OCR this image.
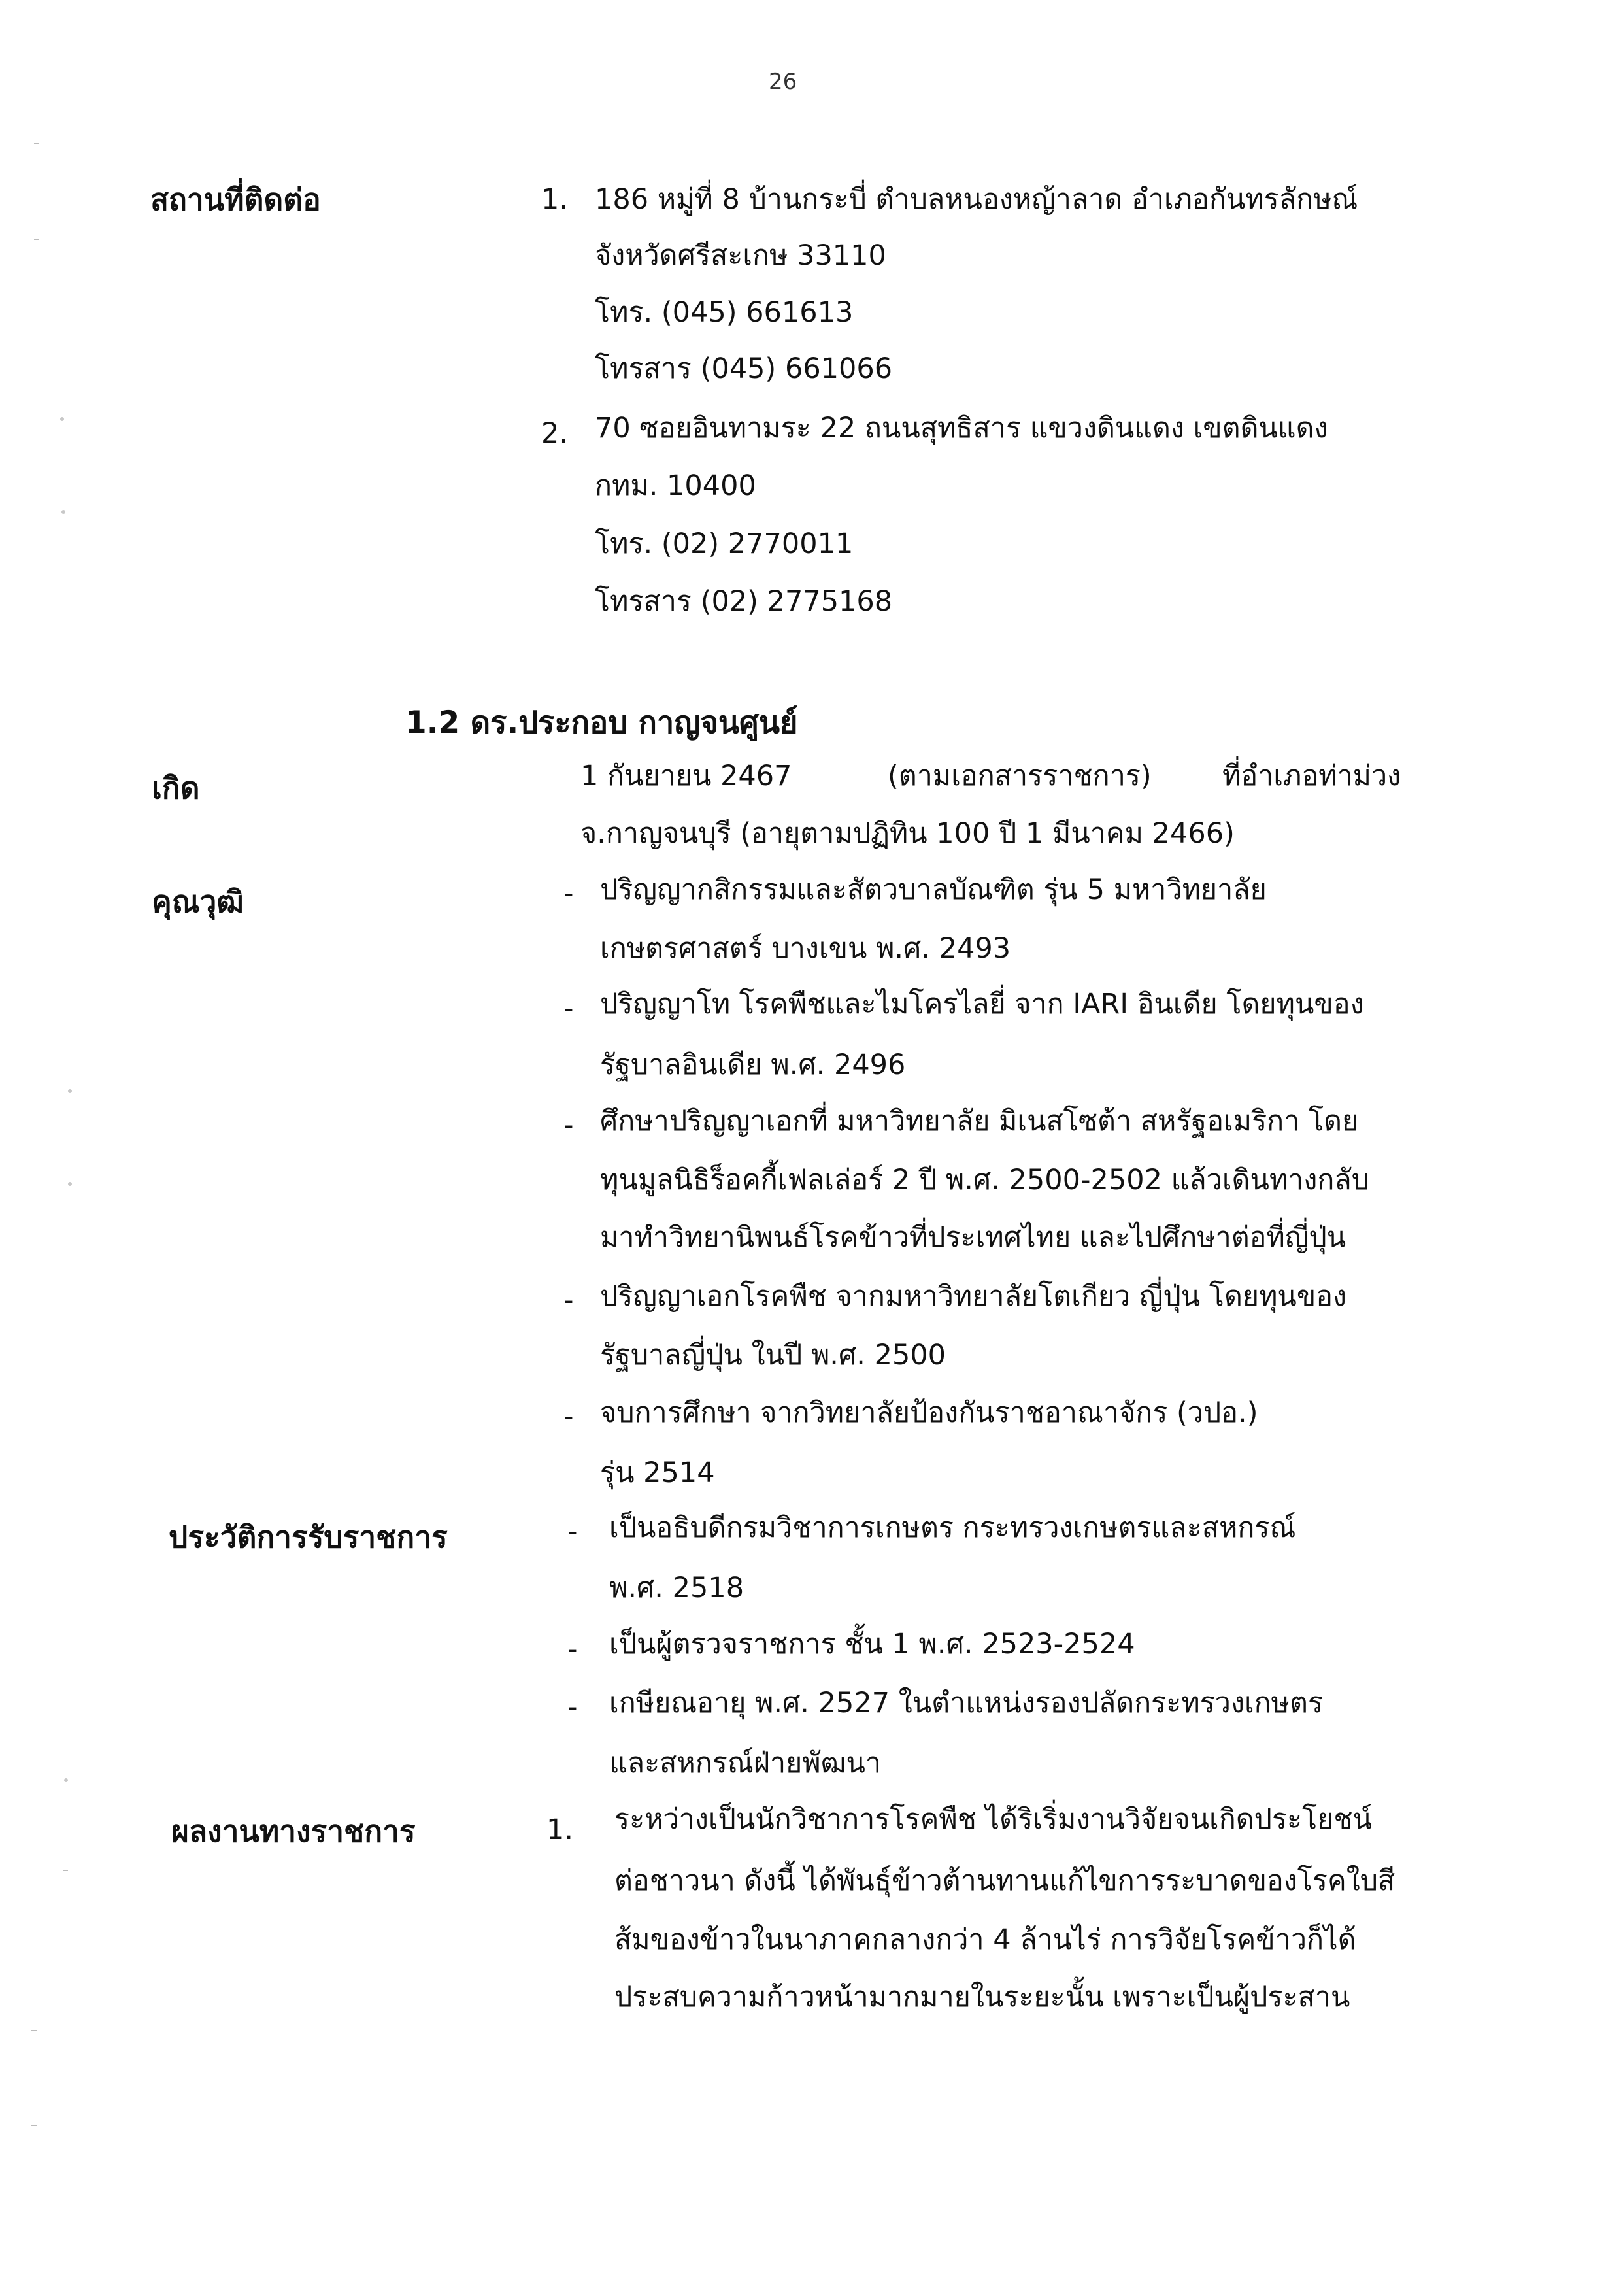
26
สถานที่ติดต่อ	1. 186 หมู่ที่ 8 บ้านกระบี่ ตำบลหนองหญ้าลาด อำเภอกันทรลักษณ์
จังหวัดศรีสะเกษ 33110
โทร. (045) 661613
โทรสาร (045) 661066
2. 70 ซอยอินทามระ 22 ถนนสุทธิสาร แขวงดินแดง เขตดินแดง
กทม. 10400
โทร. (02) 2770011
โทรสาร (02) 2775168
1.2 ดร.ประกอบ กาญจนศูนย์
เกิด	1 กันยายน 2467	(ตามเอกสารราชการ)	ที่อำเภอท่าม่วง
จ.กาญจนบุรี (อายุตามปฏิทิน 100 ปี 1 มีนาคม 2466)
คุณวุฒิ	- ปริญญากสิกรรมและสัตวบาลบัณฑิต รุ่น 5 มหาวิทยาลัย
เกษตรศาสตร์ บางเขน พ.ศ. 2493
- ปริญญาโท โรคพืชและไมโครไลยี่ จาก IARI อินเดีย โดยทุนของ
รัฐบาลอินเดีย พ.ศ. 2496
- ศึกษาปริญญาเอกที่ มหาวิทยาลัย มิเนสโซต้า สหรัฐอเมริกา โดย
ทุนมูลนิธิร็อคกี้เฟลเล่อร์ 2 ปี พ.ศ. 2500-2502 แล้วเดินทางกลับ
มาทำวิทยานิพนธ์โรคข้าวที่ประเทศไทย และไปศึกษาต่อที่ญี่ปุ่น
- ปริญญาเอกโรคพืช จากมหาวิทยาลัยโตเกียว ญี่ปุ่น โดยทุนของ
รัฐบาลญี่ปุ่น ในปี พ.ศ. 2500
- จบการศึกษา จากวิทยาลัยป้องกันราชอาณาจักร (วปอ.)
รุ่น 2514
ประวัติการรับราชการ	- เป็นอธิบดีกรมวิชาการเกษตร กระทรวงเกษตรและสหกรณ์
พ.ศ. 2518
- เป็นผู้ตรวจราชการ ชั้น 1 พ.ศ. 2523-2524
- เกษียณอายุ พ.ศ. 2527 ในตำแหน่งรองปลัดกระทรวงเกษตร
และสหกรณ์ฝ่ายพัฒนา
ผลงานทางราชการ	1. ระหว่างเป็นนักวิชาการโรคพืช ได้ริเริ่มงานวิจัยจนเกิดประโยชน์
ต่อชาวนา ดังนี้ ได้พันธุ์ข้าวต้านทานแก้ไขการระบาดของโรคใบสี
ส้มของข้าวในนาภาคกลางกว่า 4 ล้านไร่ การวิจัยโรคข้าวก็ได้
ประสบความก้าวหน้ามากมายในระยะนั้น เพราะเป็นผู้ประสาน
